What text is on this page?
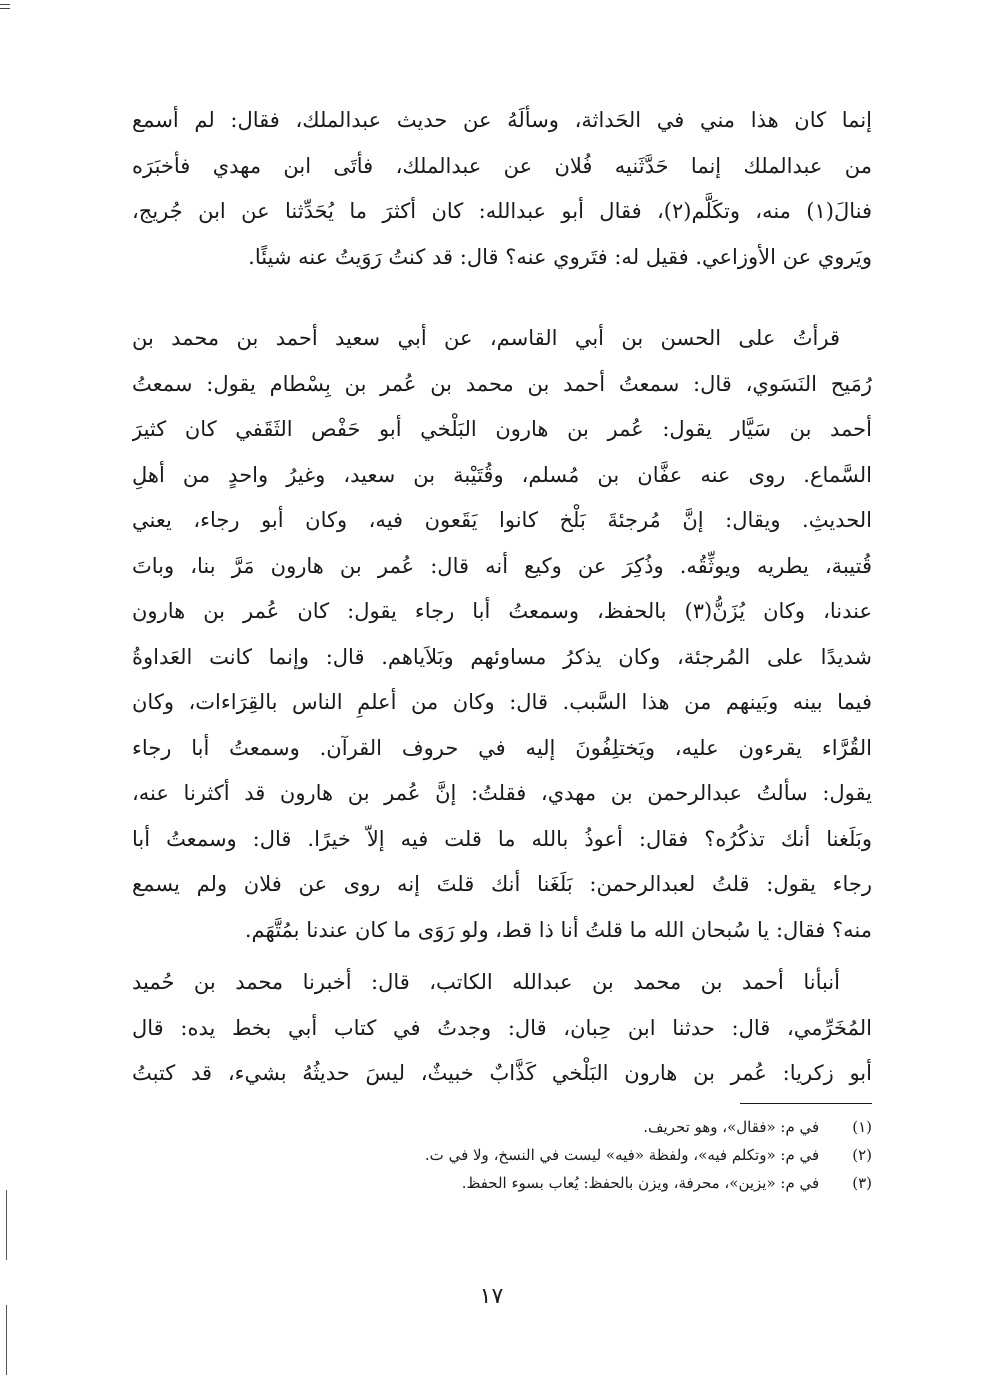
إنما كان هذا مني في الحَداثة، وسألَهُ عن حديث عبدالملك، فقال: لم أسمع
من عبدالملك إنما حَدَّثَنيه فُلان عن عبدالملك، فأتَى ابن مهدي فأخبَرَه
فنالَ(١) منه، وتكَلَّم(٢)، فقال أبو عبدالله: كان أكثرَ ما يُحَدِّثنا عن ابن جُريج،
ويَروي عن الأوزاعي. فقيل له: فتَروي عنه؟ قال: قد كنتُ رَوَيتُ عنه شيئًا.
قرأتُ على الحسن بن أبي القاسم، عن أبي سعيد أحمد بن محمد بن
رُمَيح النَسَوي، قال: سمعتُ أحمد بن محمد بن عُمر بن بِسْطام يقول: سمعتُ
أحمد بن سَيَّار يقول: عُمر بن هارون البَلْخي أبو حَفْص الثَقَفي كان كثيرَ
السَّماع. روى عنه عفَّان بن مُسلم، وقُتَيْبة بن سعيد، وغيرُ واحدٍ من أهلِ
الحديثِ. ويقال: إنَّ مُرجئةَ بَلْخ كانوا يَقَعون فيه، وكان أبو رجاء، يعني
قُتيبة، يطريه ويوثِّقُه. وذُكِرَ عن وكيع أنه قال: عُمر بن هارون مَرَّ بنا، وباتَ
عندنا، وكان يُزَنُّ(٣) بالحفظ، وسمعتُ أبا رجاء يقول: كان عُمر بن هارون
شديدًا على المُرجئة، وكان يذكرُ مساوئهم وبَلاَياهم. قال: وإنما كانت العَداوةُ
فيما بينه وبَينهم من هذا السَّبب. قال: وكان من أعلمِ الناس بالقِرَاءات، وكان
القُرَّاء يقرءون عليه، ويَختلِفُونَ إليه في حروف القرآن. وسمعتُ أبا رجاء
يقول: سألتُ عبدالرحمن بن مهدي، فقلتُ: إنَّ عُمر بن هارون قد أكثرنا عنه،
وبَلَغنا أنك تذكُرُه؟ فقال: أعوذُ بالله ما قلت فيه إلاّ خيرًا. قال: وسمعتُ أبا
رجاء يقول: قلتُ لعبدالرحمن: بَلَغَنا أنك قلتَ إنه روى عن فلان ولم يسمع
منه؟ فقال: يا سُبحان الله ما قلتُ أنا ذا قط، ولو رَوَى ما كان عندنا بمُتَّهَم.
أنبأنا أحمد بن محمد بن عبدالله الكاتب، قال: أخبرنا محمد بن حُميد
المُخَرِّمي، قال: حدثنا ابن حِبان، قال: وجدتُ في كتاب أبي بخط يده: قال
أبو زكريا: عُمر بن هارون البَلْخي كَذَّابٌ خبيثٌ، ليسَ حديثُهُ بشيء، قد كتبتُ
(١) في م: «فقال»، وهو تحريف.
(٢) في م: «وتكلم فيه»، ولفظة «فيه» ليست في النسخ، ولا في ت.
(٣) في م: «يزين»، محرفة، ويزن بالحفظ: يُعاب بسوء الحفظ.
١٧
